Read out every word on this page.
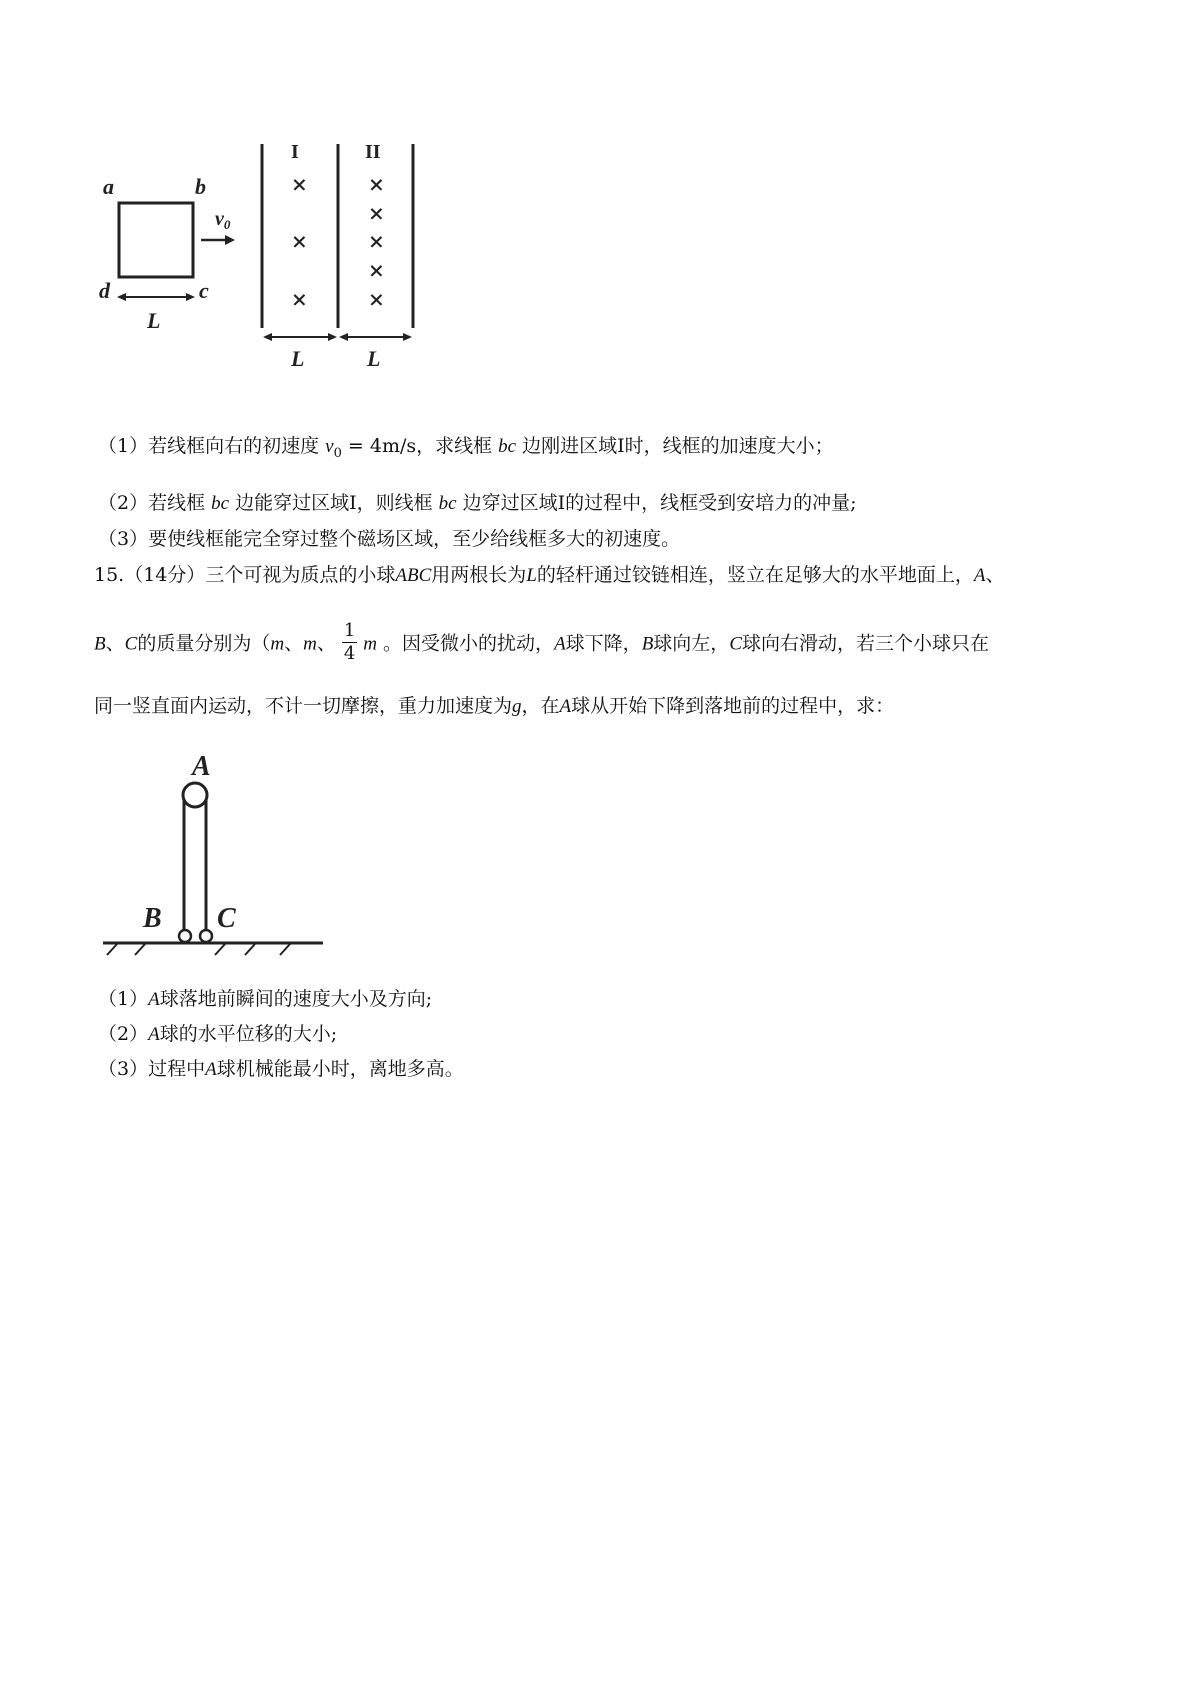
a	b
d	c
L
$v_0$
I	II
×
×
×
×
×
×
×
×
L	L
（1）若线框向右的初速度 $v_0 = 4m/s$，求线框 bc 边刚进区域Ⅰ时，线框的加速度大小；
（2）若线框 bc 边能穿过区域Ⅰ，则线框 bc 边穿过区域Ⅰ的过程中，线框受到安培力的冲量;
（3）要使线框能完全穿过整个磁场区域，至少给线框多大的初速度。
15.（14分）三个可视为质点的小球ABC用两根长为L的轻杆通过铰链相连，竖立在足够大的水平地面上，A、
B、C的质量分别为（m、m、 $\frac{1}{4}$ m 。因受微小的扰动，A球下降，B球向左，C球向右滑动，若三个小球只在
同一竖直面内运动，不计一切摩擦，重力加速度为g，在A球从开始下降到落地前的过程中，求：
A
B C
（1）A球落地前瞬间的速度大小及方向;
（2）A球的水平位移的大小;
（3）过程中A球机械能最小时，离地多高。
